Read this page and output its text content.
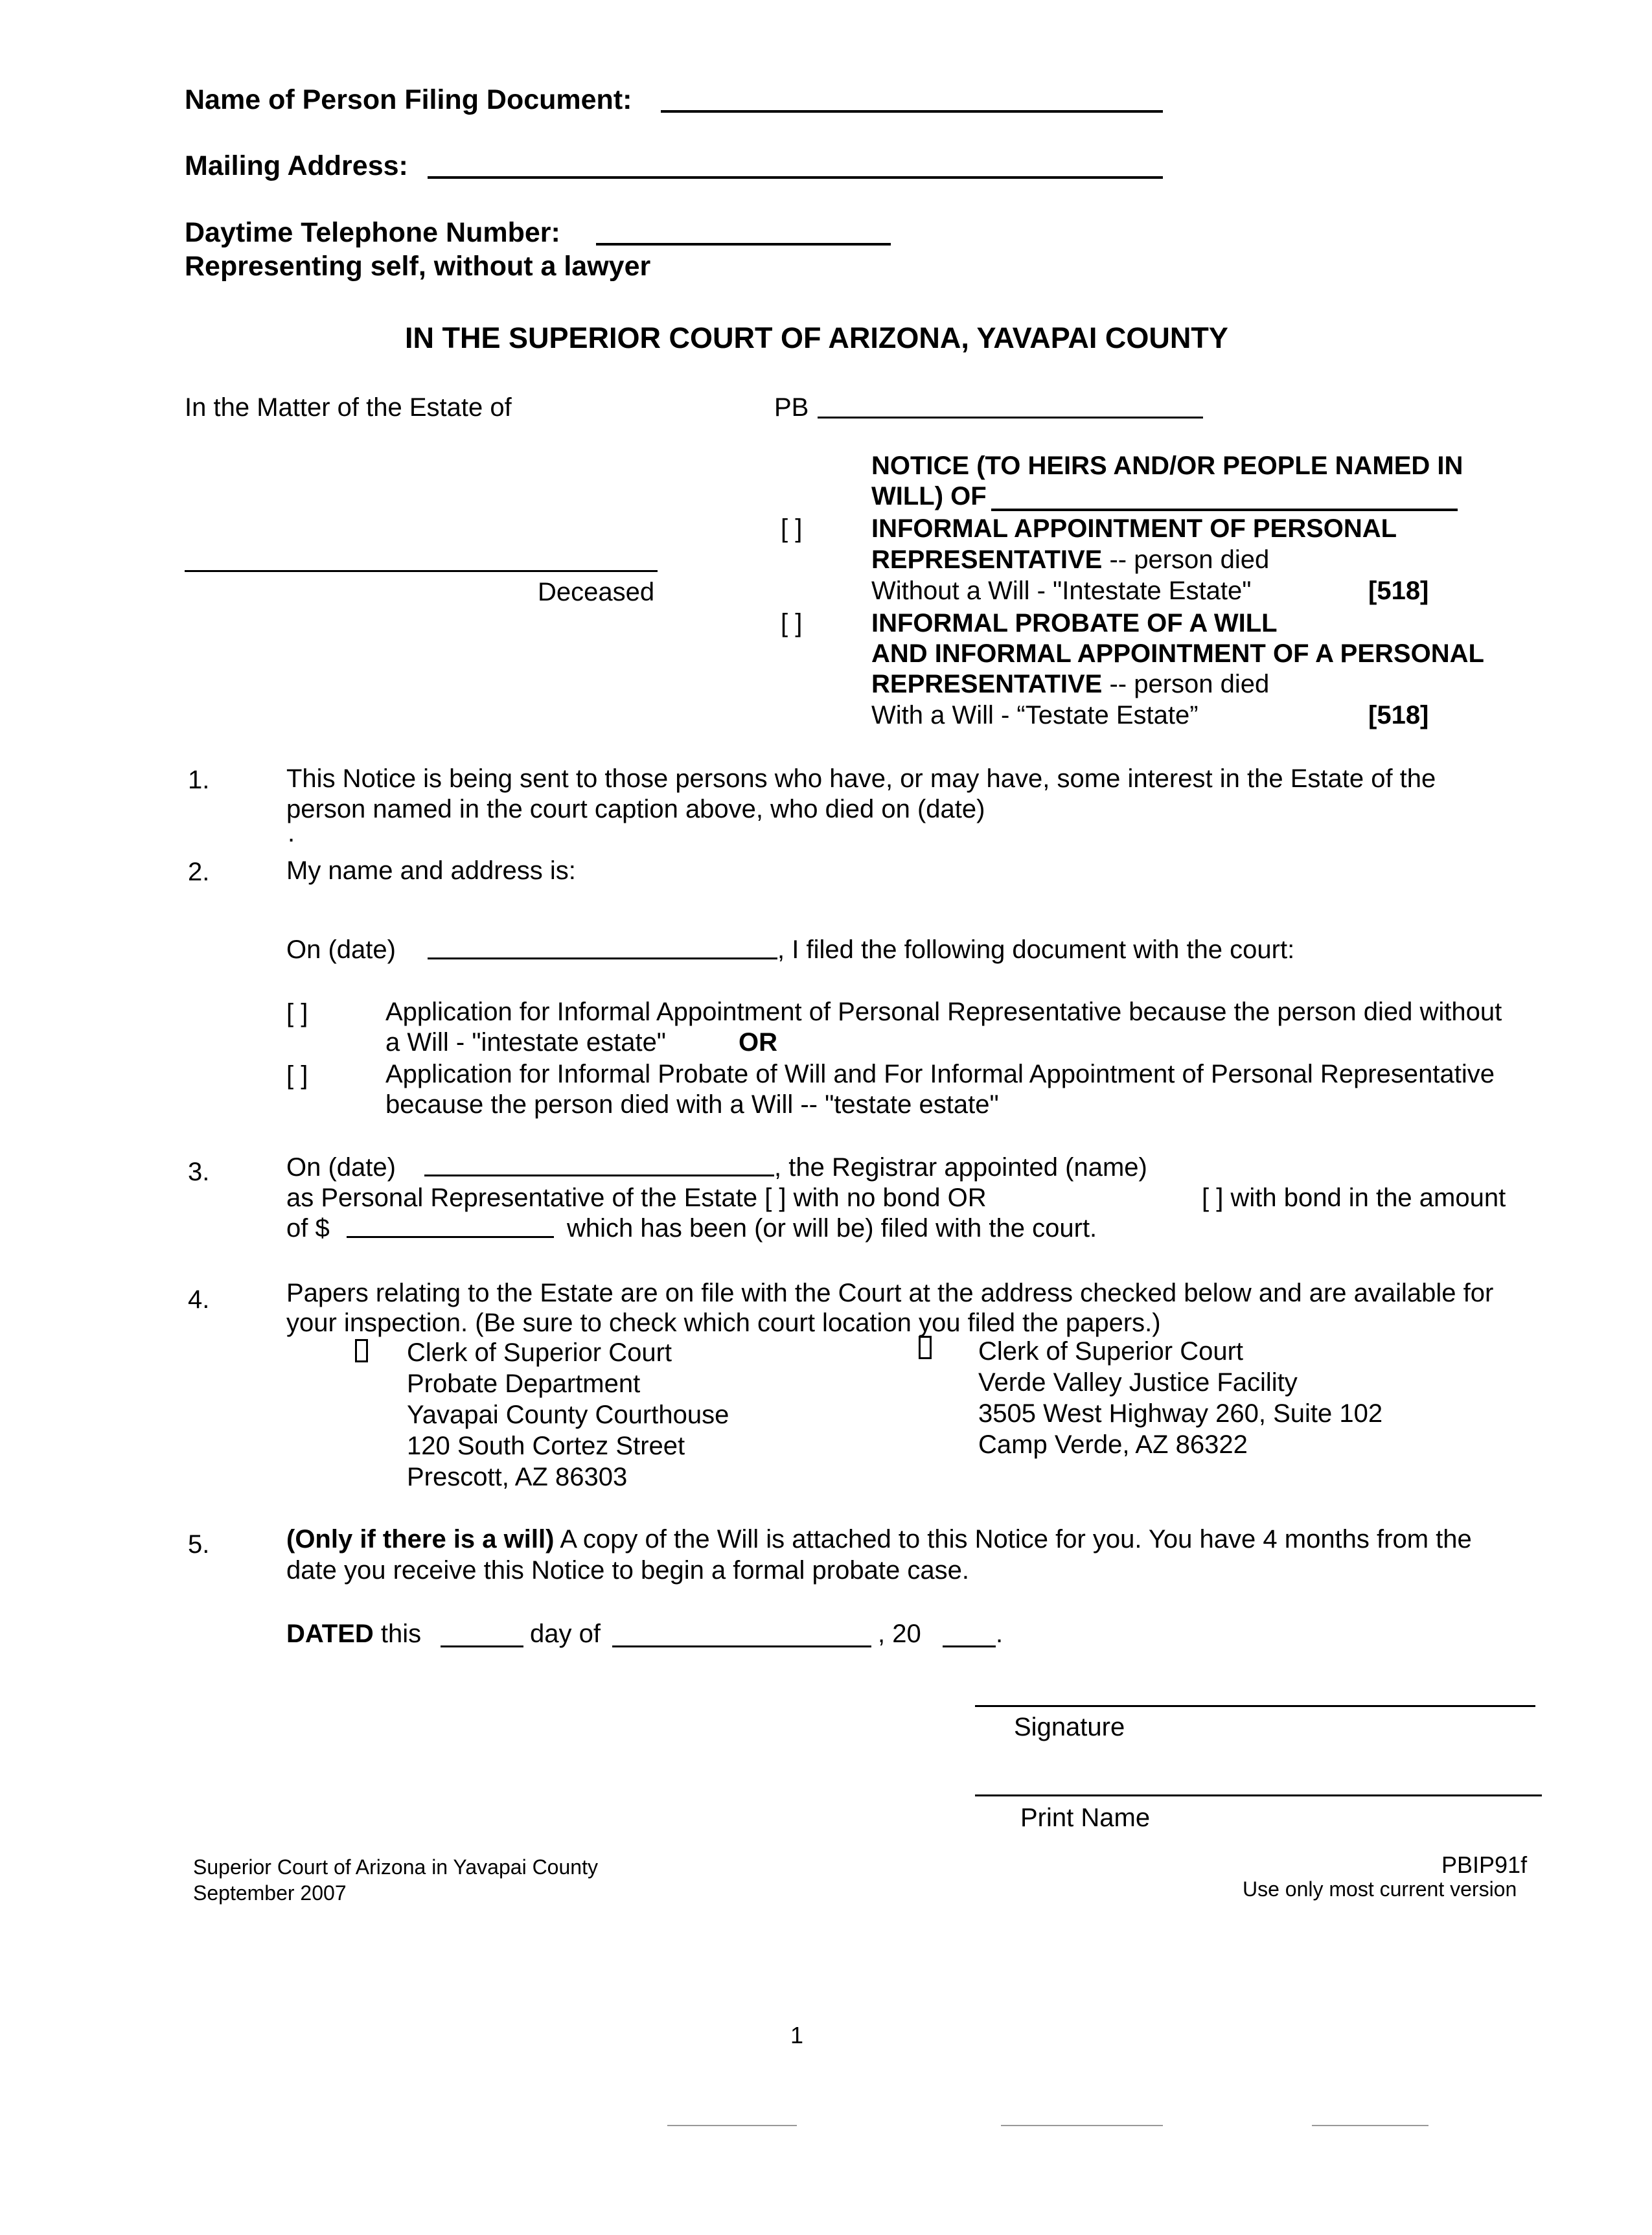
Name of Person Filing Document:
Mailing Address:
Daytime Telephone Number:
Representing self, without a lawyer
IN THE SUPERIOR COURT OF ARIZONA, YAVAPAI COUNTY
In the Matter of the Estate of
Deceased
PB
NOTICE (TO HEIRS AND/OR PEOPLE NAMED IN
WILL) OF
[ ]	INFORMAL APPOINTMENT OF PERSONAL
REPRESENTATIVE -- person died
Without a Will - "Intestate Estate"	[518]
[ ]	INFORMAL PROBATE OF A WILL
AND INFORMAL APPOINTMENT OF A PERSONAL
REPRESENTATIVE -- person died
With a Will - “Testate Estate”	[518]
1.	This Notice is being sent to those persons who have, or may have, some interest in the Estate of the
person named in the court caption above, who died on (date)
.
2.	My name and address is:
On (date)	, I filed the following document with the court:
[ ]	Application for Informal Appointment of Personal Representative because the person died without
a Will - "intestate estate"	OR
[ ]	Application for Informal Probate of Will and For Informal Appointment of Personal Representative
because the person died with a Will -- "testate estate"
3.	On (date)	, the Registrar appointed (name)
as Personal Representative of the Estate [ ] with no bond OR	[ ] with bond in the amount
of $	which has been (or will be) filed with the court.
4.	Papers relating to the Estate are on file with the Court at the address checked below and are available for
your inspection. (Be sure to check which court location you filed the papers.)
Clerk of Superior Court
Probate Department
Yavapai County Courthouse
120 South Cortez Street
Prescott, AZ 86303
Clerk of Superior Court
Verde Valley Justice Facility
3505 West Highway 260, Suite 102
Camp Verde, AZ 86322
5.	(Only if there is a will) A copy of the Will is attached to this Notice for you. You have 4 months from the
date you receive this Notice to begin a formal probate case.
DATED this	day of	, 20	.
Signature
Print Name
Superior Court of Arizona in Yavapai County
September 2007
PBIP91f
Use only most current version
1
